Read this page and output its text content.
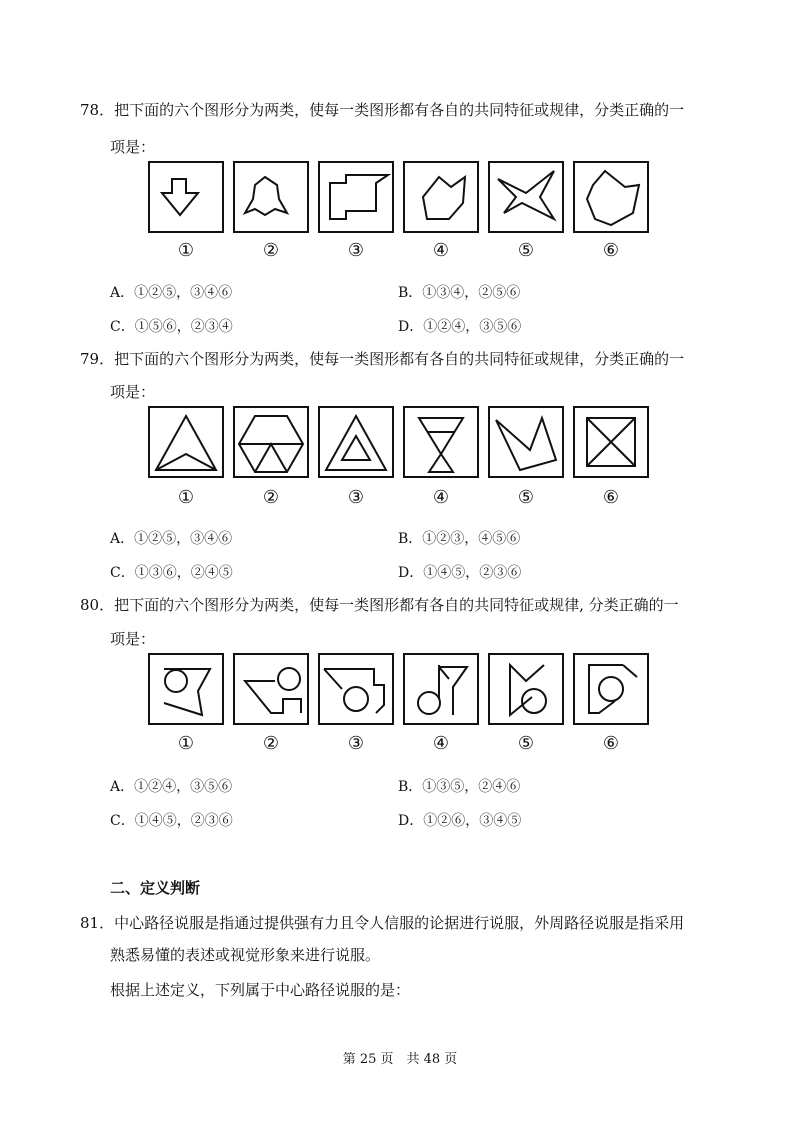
78．把下面的六个图形分为两类，使每一类图形都有各自的共同特征或规律，分类正确的一
项是：
①	②	③	④	⑤	⑥
A．①②⑤，③④⑥	B．①③④，②⑤⑥
C．①⑤⑥，②③④	D．①②④，③⑤⑥
79．把下面的六个图形分为两类，使每一类图形都有各自的共同特征或规律，分类正确的一
项是：
①	②	③	④	⑤	⑥
A．①②⑤，③④⑥	B．①②③，④⑤⑥
C．①③⑥，②④⑤	D．①④⑤，②③⑥
80．把下面的六个图形分为两类，使每一类图形都有各自的共同特征或规律, 分类正确的一
项是：
①	②	③	④	⑤	⑥
A．①②④，③⑤⑥	B．①③⑤，②④⑥
C．①④⑤，②③⑥	D．①②⑥，③④⑤
二、定义判断
81．中心路径说服是指通过提供强有力且令人信服的论据进行说服，外周路径说服是指采用
熟悉易懂的表述或视觉形象来进行说服。
根据上述定义，下列属于中心路径说服的是：
第 25 页　共 48 页
